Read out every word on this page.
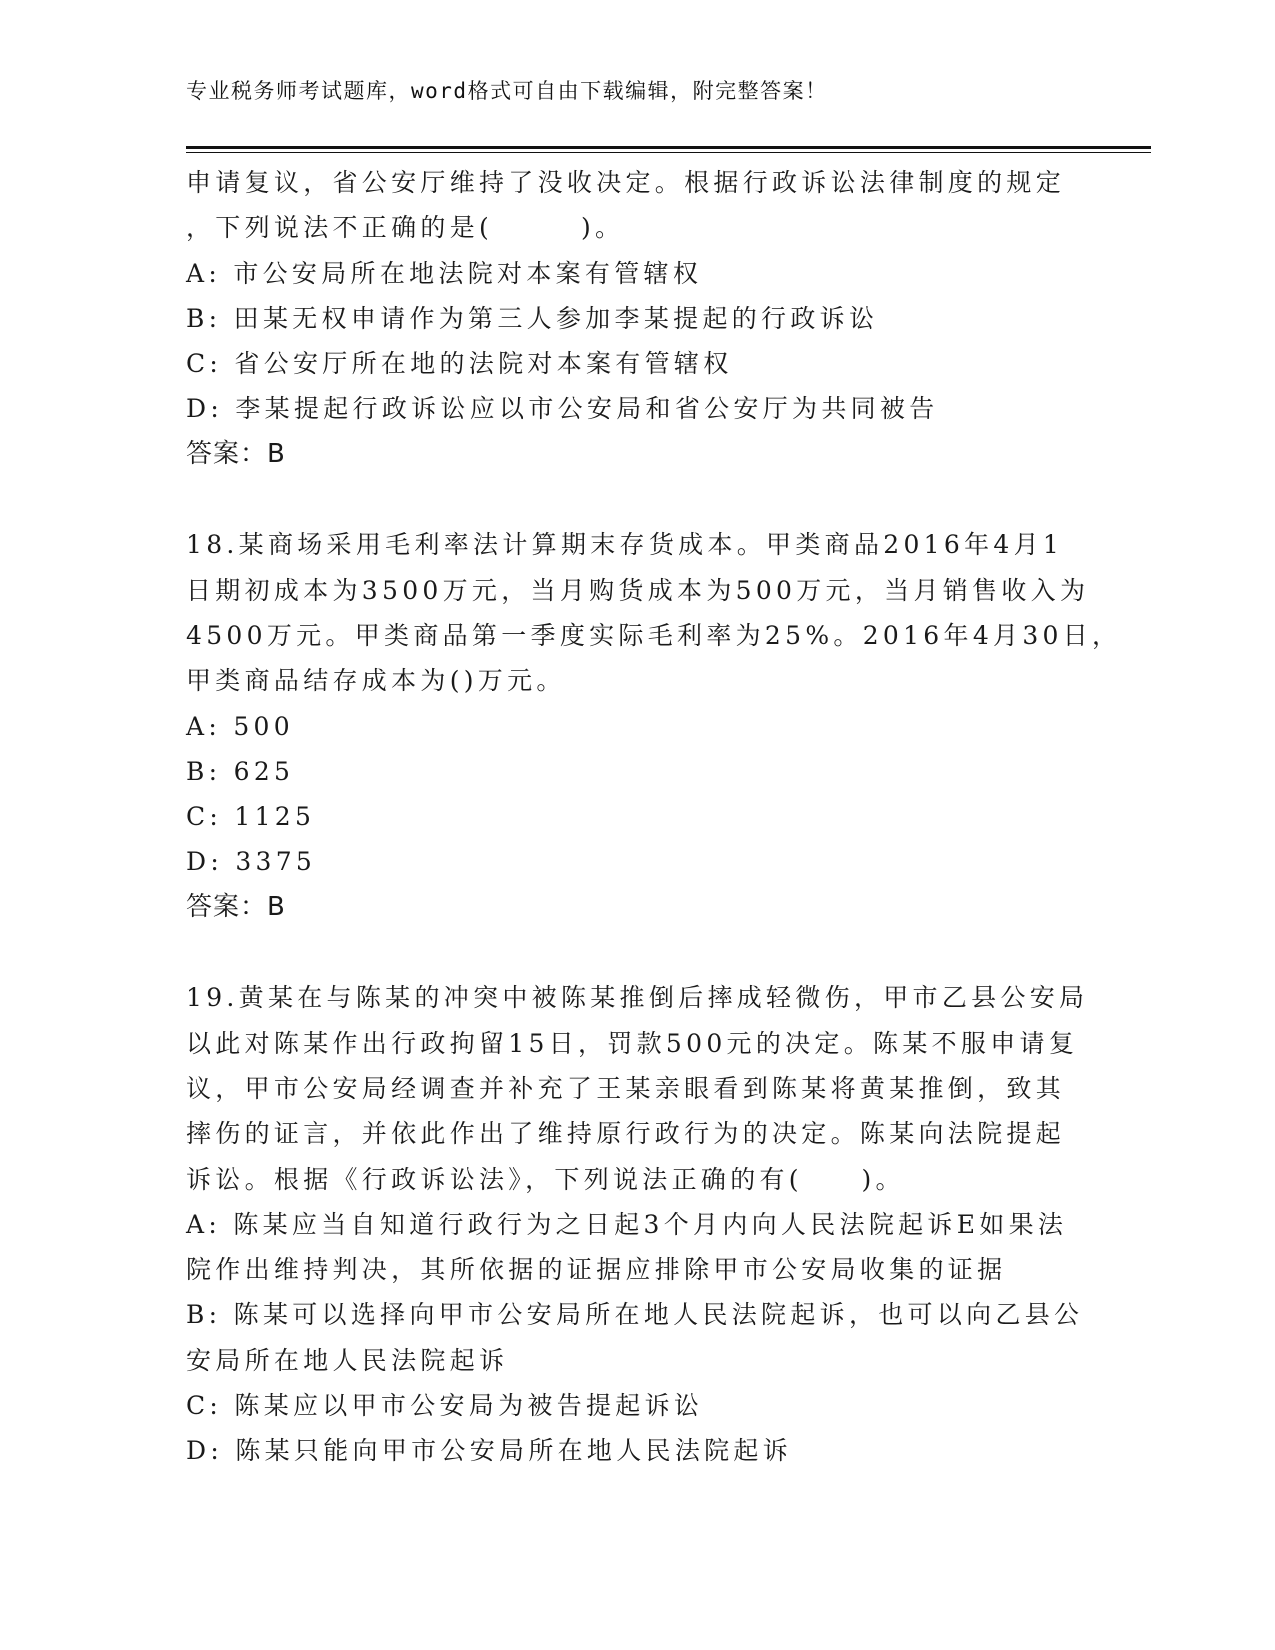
专业税务师考试题库，word格式可自由下载编辑，附完整答案！
申请复议，省公安厅维持了没收决定。根据行政诉讼法律制度的规定
，下列说法不正确的是(　　　)。
A: 市公安局所在地法院对本案有管辖权
B: 田某无权申请作为第三人参加李某提起的行政诉讼
C: 省公安厅所在地的法院对本案有管辖权
D: 李某提起行政诉讼应以市公安局和省公安厅为共同被告
答案：B
18.某商场采用毛利率法计算期末存货成本。甲类商品2016年4月1
日期初成本为3500万元，当月购货成本为500万元，当月销售收入为
4500万元。甲类商品第一季度实际毛利率为25%。2016年4月30日，
甲类商品结存成本为()万元。
A: 500
B: 625
C: 1125
D: 3375
答案：B
19.黄某在与陈某的冲突中被陈某推倒后摔成轻微伤，甲市乙县公安局
以此对陈某作出行政拘留15日，罚款500元的决定。陈某不服申请复
议，甲市公安局经调查并补充了王某亲眼看到陈某将黄某推倒，致其
摔伤的证言，并依此作出了维持原行政行为的决定。陈某向法院提起
诉讼。根据《行政诉讼法》，下列说法正确的有(　　)。
A: 陈某应当自知道行政行为之日起3个月内向人民法院起诉E如果法
院作出维持判决，其所依据的证据应排除甲市公安局收集的证据
B: 陈某可以选择向甲市公安局所在地人民法院起诉，也可以向乙县公
安局所在地人民法院起诉
C: 陈某应以甲市公安局为被告提起诉讼
D: 陈某只能向甲市公安局所在地人民法院起诉
